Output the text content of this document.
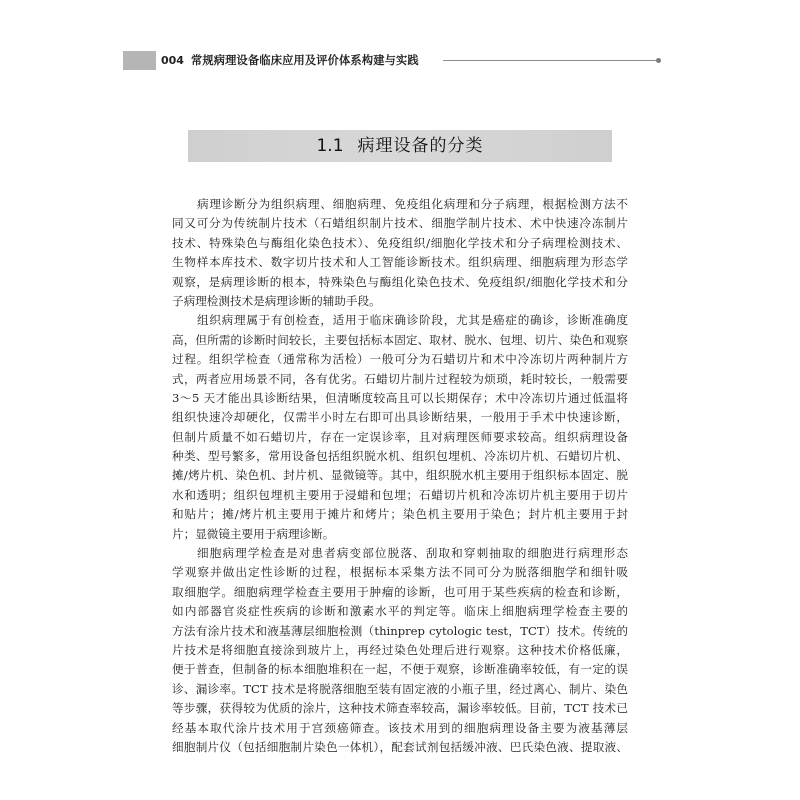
004 常规病理设备临床应用及评价体系构建与实践
1.1 病理设备的分类
病理诊断分为组织病理、细胞病理、免疫组化病理和分子病理，根据检测方法不
同又可分为传统制片技术（石蜡组织制片技术、细胞学制片技术、术中快速冷冻制片
技术、特殊染色与酶组化染色技术）、免疫组织/细胞化学技术和分子病理检测技术、
生物样本库技术、数字切片技术和人工智能诊断技术。组织病理、细胞病理为形态学
观察，是病理诊断的根本，特殊染色与酶组化染色技术、免疫组织/细胞化学技术和分
子病理检测技术是病理诊断的辅助手段。
组织病理属于有创检查，适用于临床确诊阶段，尤其是癌症的确诊，诊断准确度
高，但所需的诊断时间较长，主要包括标本固定、取材、脱水、包埋、切片、染色和观察
过程。组织学检查（通常称为活检）一般可分为石蜡切片和术中冷冻切片两种制片方
式，两者应用场景不同，各有优劣。石蜡切片制片过程较为烦琐，耗时较长，一般需要
3～5 天才能出具诊断结果，但清晰度较高且可以长期保存；术中冷冻切片通过低温将
组织快速冷却硬化，仅需半小时左右即可出具诊断结果，一般用于手术中快速诊断，
但制片质量不如石蜡切片，存在一定误诊率，且对病理医师要求较高。组织病理设备
种类、型号繁多，常用设备包括组织脱水机、组织包埋机、冷冻切片机、石蜡切片机、
摊/烤片机、染色机、封片机、显微镜等。其中，组织脱水机主要用于组织标本固定、脱
水和透明；组织包埋机主要用于浸蜡和包埋；石蜡切片机和冷冻切片机主要用于切片
和贴片；摊/烤片机主要用于摊片和烤片；染色机主要用于染色；封片机主要用于封
片；显微镜主要用于病理诊断。
细胞病理学检查是对患者病变部位脱落、刮取和穿刺抽取的细胞进行病理形态
学观察并做出定性诊断的过程，根据标本采集方法不同可分为脱落细胞学和细针吸
取细胞学。细胞病理学检查主要用于肿瘤的诊断，也可用于某些疾病的检查和诊断，
如内部器官炎症性疾病的诊断和激素水平的判定等。临床上细胞病理学检查主要的
方法有涂片技术和液基薄层细胞检测（thinprep cytologic test，TCT）技术。传统的
片技术是将细胞直接涂到玻片上，再经过染色处理后进行观察。这种技术价格低廉，
便于普查，但制备的标本细胞堆积在一起，不便于观察，诊断准确率较低，有一定的误
诊、漏诊率。TCT 技术是将脱落细胞至装有固定液的小瓶子里，经过离心、制片、染色
等步骤，获得较为优质的涂片，这种技术筛查率较高，漏诊率较低。目前，TCT 技术已
经基本取代涂片技术用于宫颈癌筛查。该技术用到的细胞病理设备主要为液基薄层
细胞制片仪（包括细胞制片染色一体机），配套试剂包括缓冲液、巴氏染色液、提取液、
